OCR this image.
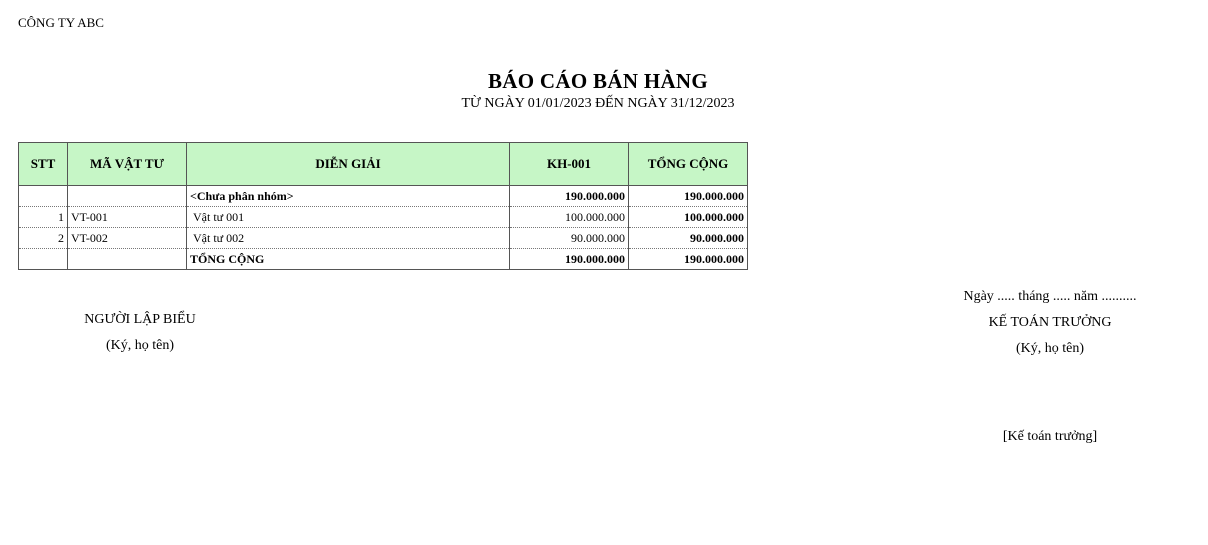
CÔNG TY ABC
BÁO CÁO BÁN HÀNG
TỪ NGÀY 01/01/2023 ĐẾN NGÀY 31/12/2023
STT	MÃ VẬT TƯ	DIỄN GIẢI	KH-001	TỔNG CỘNG
		<Chưa phân nhóm>	190.000.000	190.000.000
1	VT-001	Vật tư 001	100.000.000	100.000.000
2	VT-002	Vật tư 002	90.000.000	90.000.000
		TỔNG CỘNG	190.000.000	190.000.000
NGƯỜI LẬP BIỂU
(Ký, họ tên)
Ngày ..... tháng ..... năm ..........
KẾ TOÁN TRƯỞNG
(Ký, họ tên)
[Kế toán trưởng]
